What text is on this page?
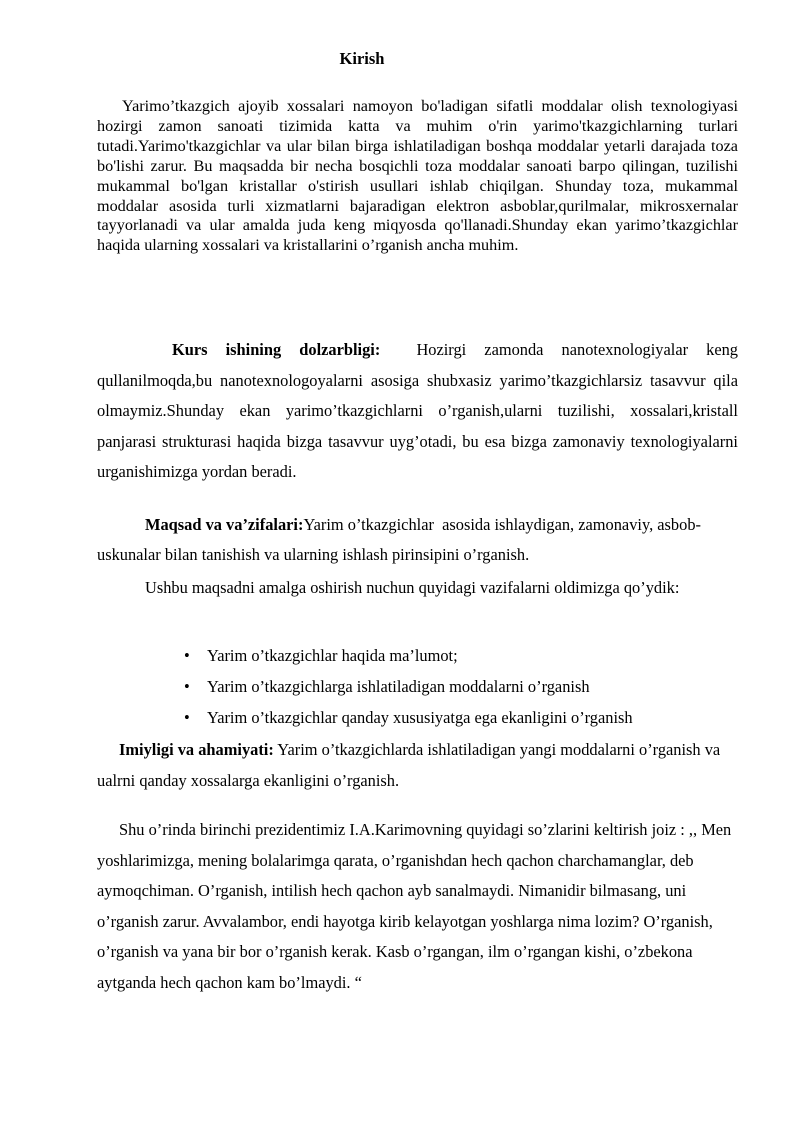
Kirish

Yarimo’tkazgich ajoyib xossalari namoyon bo'ladigan sifatli moddalar olish texnologiyasi hozirgi zamon sanoati tizimida katta va muhim o'rin yarimo'tkazgichlarning turlari tutadi.Yarimo'tkazgichlar va ular bilan birga ishlatiladigan boshqa moddalar yetarli darajada toza bo'lishi zarur. Bu maqsadda bir necha bosqichli toza moddalar sanoati barpo qilingan, tuzilishi mukammal bo'lgan kristallar o'stirish usullari ishlab chiqilgan. Shunday toza, mukammal moddalar asosida turli xizmatlarni bajaradigan elektron asboblar,qurilmalar, mikrosxernalar tayyorlanadi va ular amalda juda keng miqyosda qo'llanadi.Shunday ekan yarimo’tkazgichlar haqida ularning xossalari va kristallarini o’rganish ancha muhim.

Kurs ishining dolzarbligi:  Hozirgi zamonda nanotexnologiyalar keng qullanilmoqda,bu nanotexnologoyalarni asosiga shubxasiz yarimo’tkazgichlarsiz tasavvur qila olmaymiz.Shunday ekan yarimo’tkazgichlarni o’rganish,ularni tuzilishi, xossalari,kristall panjarasi strukturasi haqida bizga tasavvur uyg’otadi, bu esa bizga zamonaviy texnologiyalarni urganishimizga yordan beradi.

Maqsad va va’zifalari:Yarim o’tkazgichlar  asosida ishlaydigan, zamonaviy, asbob-uskunalar bilan tanishish va ularning ishlash pirinsipini o’rganish.

Ushbu maqsadni amalga oshirish nuchun quyidagi vazifalarni oldimizga qo’ydik:

• Yarim o’tkazgichlar haqida ma’lumot;
• Yarim o’tkazgichlarga ishlatiladigan moddalarni o’rganish
• Yarim o’tkazgichlar qanday xususiyatga ega ekanligini o’rganish

Imiyligi va ahamiyati: Yarim o’tkazgichlarda ishlatiladigan yangi moddalarni o’rganish va ualrni qanday xossalarga ekanligini o’rganish.

Shu o’rinda birinchi prezidentimiz I.A.Karimovning quyidagi so’zlarini keltirish joiz : ,, Men yoshlarimizga, mening bolalarimga qarata, o’rganishdan hech qachon charchamanglar, deb aymoqchiman. O’rganish, intilish hech qachon ayb sanalmaydi. Nimanidir bilmasang, uni o’rganish zarur. Avvalambor, endi hayotga kirib kelayotgan yoshlarga nima lozim? O’rganish, o’rganish va yana bir bor o’rganish kerak. Kasb o’rgangan, ilm o’rgangan kishi, o’zbekona aytganda hech qachon kam bo’lmaydi. “
